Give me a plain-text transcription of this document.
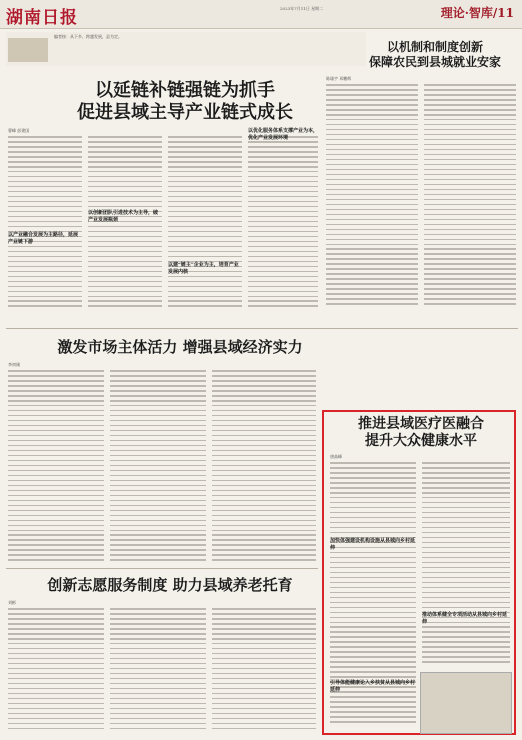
湖南日报	2023年7月11日 星期二	理论·智库/11
编者按：从下乡、跨越发展，县为定。
以延链补链强链为抓手
促进县域主导产业链式成长
曹峰 彭建国
以产业融合发展为主路径，延展产业链下游
以创新团队引进技术为主导，破产业发展瓶颈
以建“链主”企业为主，培育产业发展内核
以优化服务体系支撑产业为本，优化产业发展环境
以机制和制度创新
保障农民到县城就业安家
陈瑜宇 邓鹏辉
激发市场主体活力 增强县域经济实力
李初刚
创新志愿服务制度 助力县域养老托育
刘彬
推进县域医疗医融合
提升大众健康水平
唐高峰
加快体强建设机构设施从县城向乡村延伸
引导体能健康论入乡扶贫从县城向乡村延伸
推动体系健全专项活动从县城向乡村延伸
